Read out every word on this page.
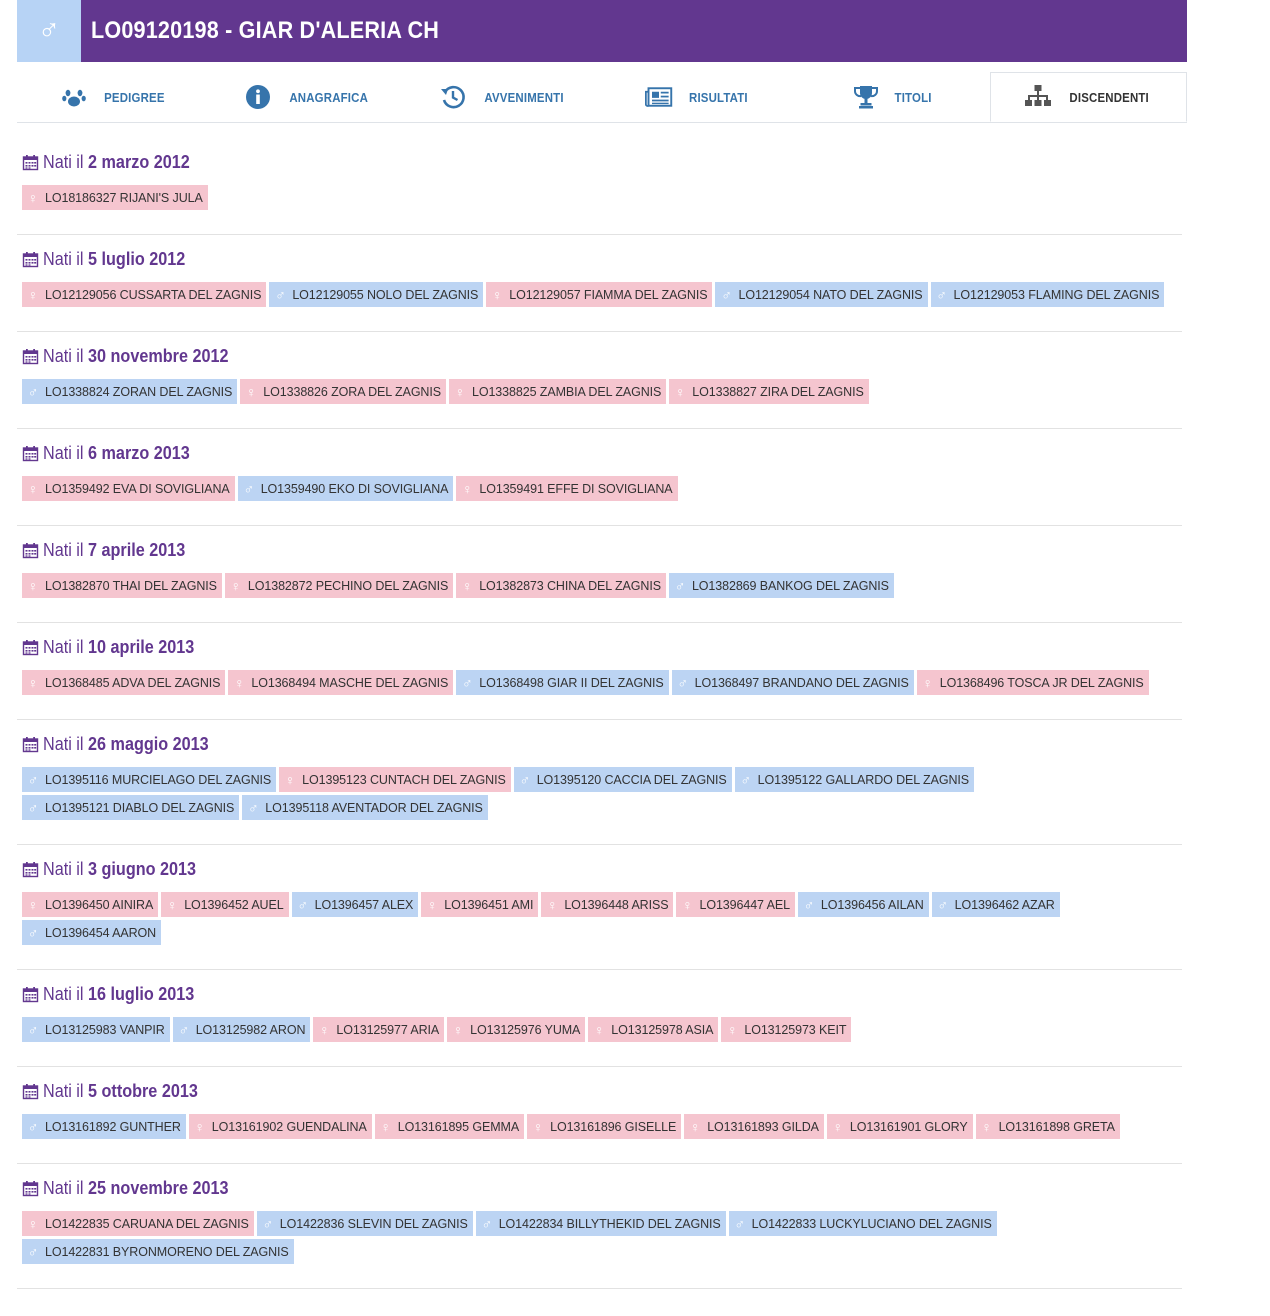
♂	LO09120198 - GIAR D'ALERIA CH
PEDIGREE	ANAGRAFICA	AVVENIMENTI	RISULTATI	TITOLI	DISCENDENTI
Nati il 2 marzo 2012
♀ LO18186327 RIJANI'S JULA
Nati il 5 luglio 2012
♀ LO12129056 CUSSARTA DEL ZAGNIS ♂ LO12129055 NOLO DEL ZAGNIS ♀ LO12129057 FIAMMA DEL ZAGNIS ♂ LO12129054 NATO DEL ZAGNIS ♂ LO12129053 FLAMING DEL ZAGNIS
Nati il 30 novembre 2012
♂ LO1338824 ZORAN DEL ZAGNIS ♀ LO1338826 ZORA DEL ZAGNIS ♀ LO1338825 ZAMBIA DEL ZAGNIS ♀ LO1338827 ZIRA DEL ZAGNIS
Nati il 6 marzo 2013
♀ LO1359492 EVA DI SOVIGLIANA ♂ LO1359490 EKO DI SOVIGLIANA ♀ LO1359491 EFFE DI SOVIGLIANA
Nati il 7 aprile 2013
♀ LO1382870 THAI DEL ZAGNIS ♀ LO1382872 PECHINO DEL ZAGNIS ♀ LO1382873 CHINA DEL ZAGNIS ♂ LO1382869 BANKOG DEL ZAGNIS
Nati il 10 aprile 2013
♀ LO1368485 ADVA DEL ZAGNIS ♀ LO1368494 MASCHE DEL ZAGNIS ♂ LO1368498 GIAR II DEL ZAGNIS ♂ LO1368497 BRANDANO DEL ZAGNIS ♀ LO1368496 TOSCA JR DEL ZAGNIS
Nati il 26 maggio 2013
♂ LO1395116 MURCIELAGO DEL ZAGNIS ♀ LO1395123 CUNTACH DEL ZAGNIS ♂ LO1395120 CACCIA DEL ZAGNIS ♂ LO1395122 GALLARDO DEL ZAGNIS
♂ LO1395121 DIABLO DEL ZAGNIS ♂ LO1395118 AVENTADOR DEL ZAGNIS
Nati il 3 giugno 2013
♀ LO1396450 AINIRA ♀ LO1396452 AUEL ♂ LO1396457 ALEX ♀ LO1396451 AMI ♀ LO1396448 ARISS ♀ LO1396447 AEL ♂ LO1396456 AILAN ♂ LO1396462 AZAR
♂ LO1396454 AARON
Nati il 16 luglio 2013
♂ LO13125983 VANPIR ♂ LO13125982 ARON ♀ LO13125977 ARIA ♀ LO13125976 YUMA ♀ LO13125978 ASIA ♀ LO13125973 KEIT
Nati il 5 ottobre 2013
♂ LO13161892 GUNTHER ♀ LO13161902 GUENDALINA ♀ LO13161895 GEMMA ♀ LO13161896 GISELLE ♀ LO13161893 GILDA ♀ LO13161901 GLORY ♀ LO13161898 GRETA
Nati il 25 novembre 2013
♀ LO1422835 CARUANA DEL ZAGNIS ♂ LO1422836 SLEVIN DEL ZAGNIS ♂ LO1422834 BILLYTHEKID DEL ZAGNIS ♂ LO1422833 LUCKYLUCIANO DEL ZAGNIS
♂ LO1422831 BYRONMORENO DEL ZAGNIS
